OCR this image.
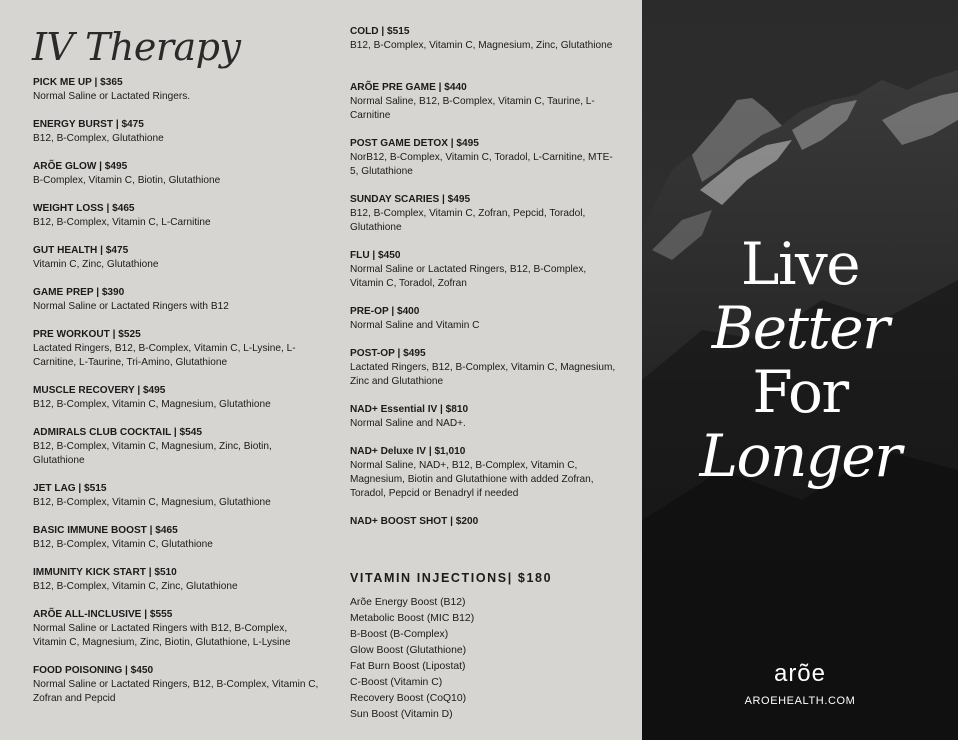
IV Therapy
PICK ME UP | $365
Normal Saline or Lactated Ringers.
ENERGY BURST | $475
B12, B-Complex, Glutathione
ARÕE GLOW | $495
B-Complex, Vitamin C, Biotin, Glutathione
WEIGHT LOSS | $465
B12, B-Complex, Vitamin C, L-Carnitine
GUT HEALTH | $475
Vitamin C, Zinc, Glutathione
GAME PREP | $390
Normal Saline or Lactated Ringers with B12
PRE WORKOUT | $525
Lactated Ringers, B12, B-Complex, Vitamin C, L-Lysine, L-Carnitine, L-Taurine, Tri-Amino, Glutathione
MUSCLE RECOVERY | $495
B12, B-Complex, Vitamin C, Magnesium, Glutathione
ADMIRALS CLUB COCKTAIL | $545
B12, B-Complex, Vitamin C, Magnesium, Zinc, Biotin, Glutathione
JET LAG | $515
B12, B-Complex, Vitamin C, Magnesium, Glutathione
BASIC IMMUNE BOOST | $465
B12, B-Complex, Vitamin C, Glutathione
IMMUNITY KICK START | $510
B12, B-Complex, Vitamin C, Zinc, Glutathione
ARÕE ALL-INCLUSIVE | $555
Normal Saline or Lactated Ringers with B12, B-Complex, Vitamin C, Magnesium, Zinc, Biotin, Glutathione, L-Lysine
FOOD POISONING | $450
Normal Saline or Lactated Ringers, B12, B-Complex, Vitamin C, Zofran and Pepcid
COLD | $515
B12, B-Complex, Vitamin C, Magnesium, Zinc, Glutathione
ARÕE PRE GAME | $440
Normal Saline, B12, B-Complex, Vitamin C, Taurine, L-Carnitine
POST GAME DETOX | $495
NorB12, B-Complex, Vitamin C, Toradol, L-Carnitine, MTE-5, Glutathione
SUNDAY SCARIES | $495
B12, B-Complex, Vitamin C, Zofran, Pepcid, Toradol, Glutathione
FLU | $450
Normal Saline or Lactated Ringers, B12, B-Complex, Vitamin C, Toradol, Zofran
PRE-OP | $400
Normal Saline and Vitamin C
POST-OP | $495
Lactated Ringers, B12, B-Complex, Vitamin C, Magnesium, Zinc and Glutathione
NAD+ Essential IV | $810
Normal Saline and NAD+.
NAD+ Deluxe IV | $1,010
Normal Saline, NAD+, B12, B-Complex, Vitamin C, Magnesium, Biotin and Glutathione with added Zofran, Toradol, Pepcid or Benadryl if needed
NAD+ BOOST SHOT | $200
VITAMIN INJECTIONS| $180
Arõe Energy Boost (B12)
Metabolic Boost (MIC B12)
B-Boost (B-Complex)
Glow Boost (Glutathione)
Fat Burn Boost (Lipostat)
C-Boost (Vitamin C)
Recovery Boost (CoQ10)
Sun Boost (Vitamin D)
Live
Better
For
Longer
arõe
AROEHEALTH.COM
